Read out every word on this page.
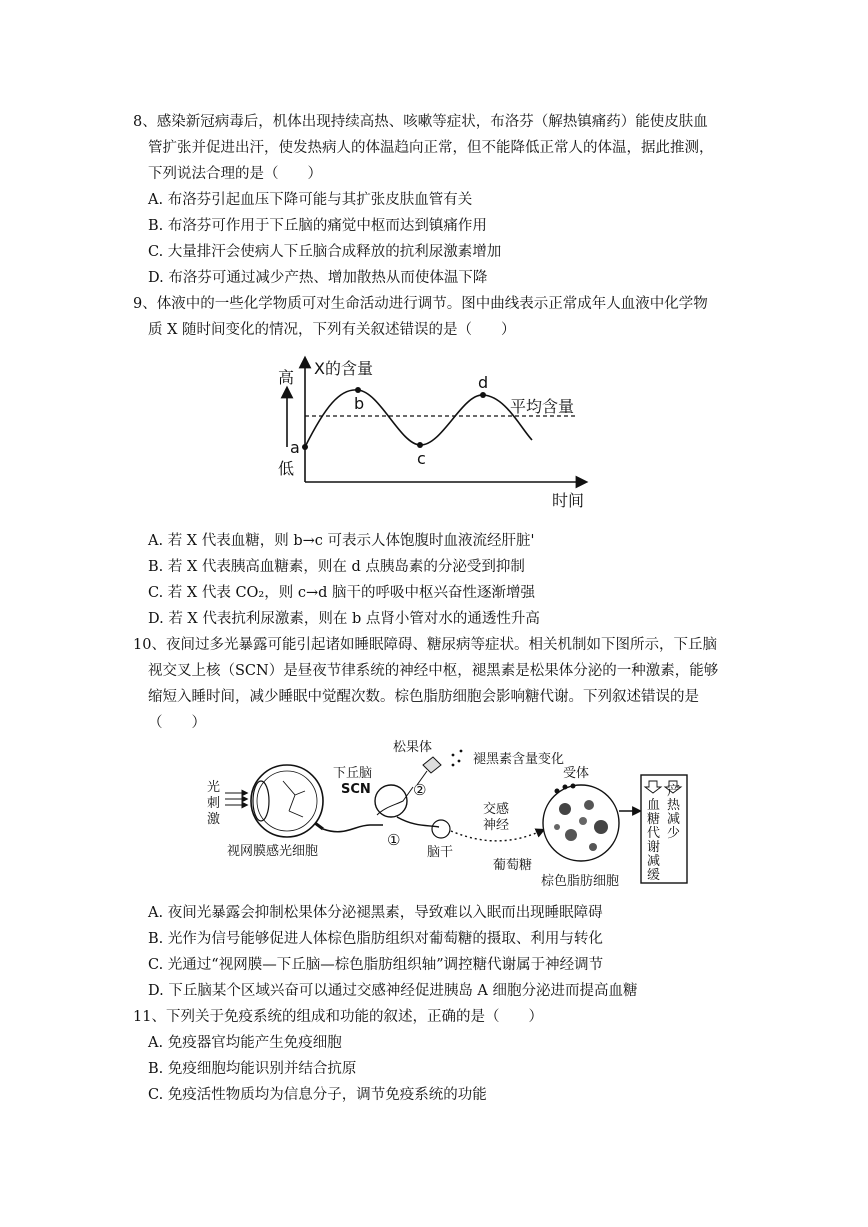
8、感染新冠病毒后，机体出现持续高热、咳嗽等症状，布洛芬（解热镇痛药）能使皮肤血
管扩张并促进出汗，使发热病人的体温趋向正常，但不能降低正常人的体温，据此推测，
下列说法合理的是（　　）
A. 布洛芬引起血压下降可能与其扩张皮肤血管有关
B. 布洛芬可作用于下丘脑的痛觉中枢而达到镇痛作用
C. 大量排汗会使病人下丘脑合成释放的抗利尿激素增加
D. 布洛芬可通过减少产热、增加散热从而使体温下降
9、体液中的一些化学物质可对生命活动进行调节。图中曲线表示正常成年人血液中化学物
质 X 随时间变化的情况，下列有关叙述错误的是（　　）
高
低
X的含量
时间
平均含量
a
b
c
d
A. 若 X 代表血糖，则 b→c 可表示人体饱腹时血液流经肝脏'
B. 若 X 代表胰高血糖素，则在 d 点胰岛素的分泌受到抑制
C. 若 X 代表 CO₂，则 c→d 脑干的呼吸中枢兴奋性逐渐增强
D. 若 X 代表抗利尿激素，则在 b 点肾小管对水的通透性升高
10、夜间过多光暴露可能引起诸如睡眠障碍、糖尿病等症状。相关机制如下图所示，下丘脑
视交叉上核（SCN）是昼夜节律系统的神经中枢，褪黑素是松果体分泌的一种激素，能够
缩短入睡时间，减少睡眠中觉醒次数。棕色脂肪细胞会影响糖代谢。下列叙述错误的是
（　　）
光
刺
激
视网膜感光细胞
下丘脑
SCN
①
②
松果体
褪黑素含量变化
脑干
交感
神经
受体
葡萄糖
棕色脂肪细胞
血
糖
代
谢
减
缓
产
热
减
少
A. 夜间光暴露会抑制松果体分泌褪黑素，导致难以入眠而出现睡眠障碍
B. 光作为信号能够促进人体棕色脂肪组织对葡萄糖的摄取、利用与转化
C. 光通过“视网膜—下丘脑—棕色脂肪组织轴”调控糖代谢属于神经调节
D. 下丘脑某个区域兴奋可以通过交感神经促进胰岛 A 细胞分泌进而提高血糖
11、下列关于免疫系统的组成和功能的叙述，正确的是（　　）
A. 免疫器官均能产生免疫细胞
B. 免疫细胞均能识别并结合抗原
C. 免疫活性物质均为信息分子，调节免疫系统的功能
